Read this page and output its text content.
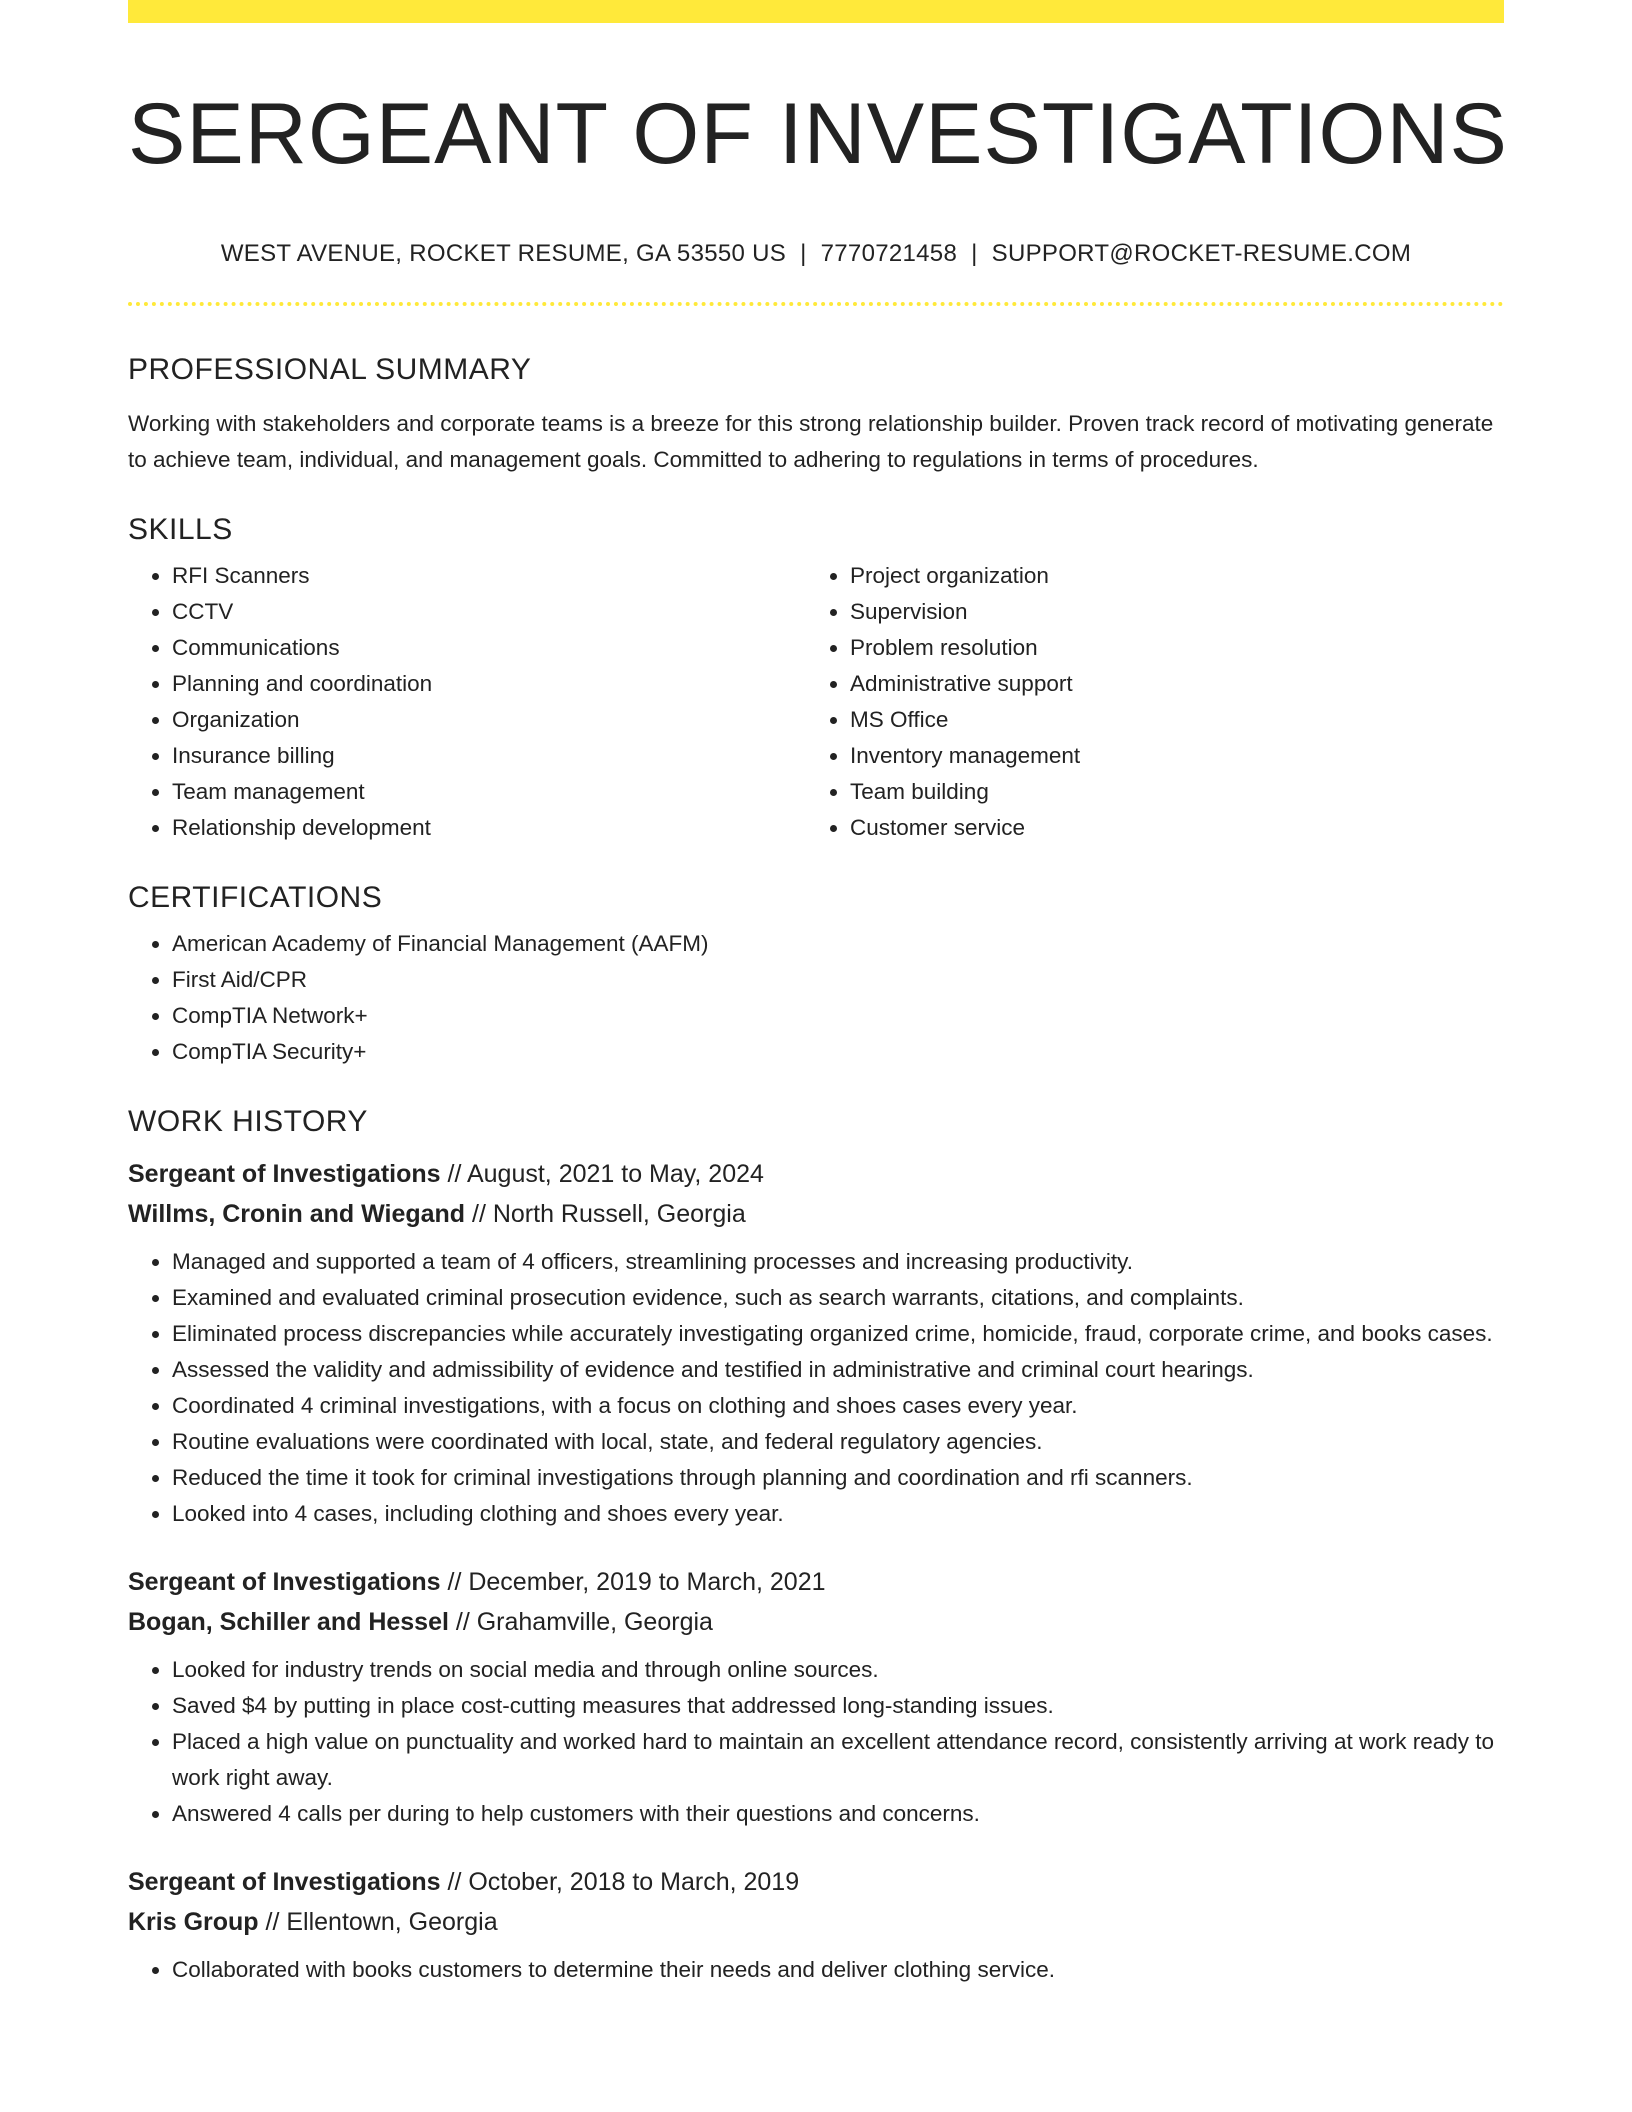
SERGEANT OF INVESTIGATIONS
WEST AVENUE, ROCKET RESUME, GA 53550 US | 7770721458 | SUPPORT@ROCKET-RESUME.COM
PROFESSIONAL SUMMARY

Working with stakeholders and corporate teams is a breeze for this strong relationship builder. Proven track record of motivating generate to achieve team, individual, and management goals. Committed to adhering to regulations in terms of procedures.

SKILLS
• RFI Scanners
• CCTV
• Communications
• Planning and coordination
• Organization
• Insurance billing
• Team management
• Relationship development
• Project organization
• Supervision
• Problem resolution
• Administrative support
• MS Office
• Inventory management
• Team building
• Customer service
CERTIFICATIONS
• American Academy of Financial Management (AAFM)
• First Aid/CPR
• CompTIA Network+
• CompTIA Security+
WORK HISTORY
Sergeant of Investigations // August, 2021 to May, 2024
Willms, Cronin and Wiegand // North Russell, Georgia
• Managed and supported a team of 4 officers, streamlining processes and increasing productivity.
• Examined and evaluated criminal prosecution evidence, such as search warrants, citations, and complaints.
• Eliminated process discrepancies while accurately investigating organized crime, homicide, fraud, corporate crime, and books cases.
• Assessed the validity and admissibility of evidence and testified in administrative and criminal court hearings.
• Coordinated 4 criminal investigations, with a focus on clothing and shoes cases every year.
• Routine evaluations were coordinated with local, state, and federal regulatory agencies.
• Reduced the time it took for criminal investigations through planning and coordination and rfi scanners.
• Looked into 4 cases, including clothing and shoes every year.
Sergeant of Investigations // December, 2019 to March, 2021
Bogan, Schiller and Hessel // Grahamville, Georgia
• Looked for industry trends on social media and through online sources.
• Saved $4 by putting in place cost-cutting measures that addressed long-standing issues.
• Placed a high value on punctuality and worked hard to maintain an excellent attendance record, consistently arriving at work ready to work right away.
• Answered 4 calls per during to help customers with their questions and concerns.
Sergeant of Investigations // October, 2018 to March, 2019
Kris Group // Ellentown, Georgia
• Collaborated with books customers to determine their needs and deliver clothing service.
